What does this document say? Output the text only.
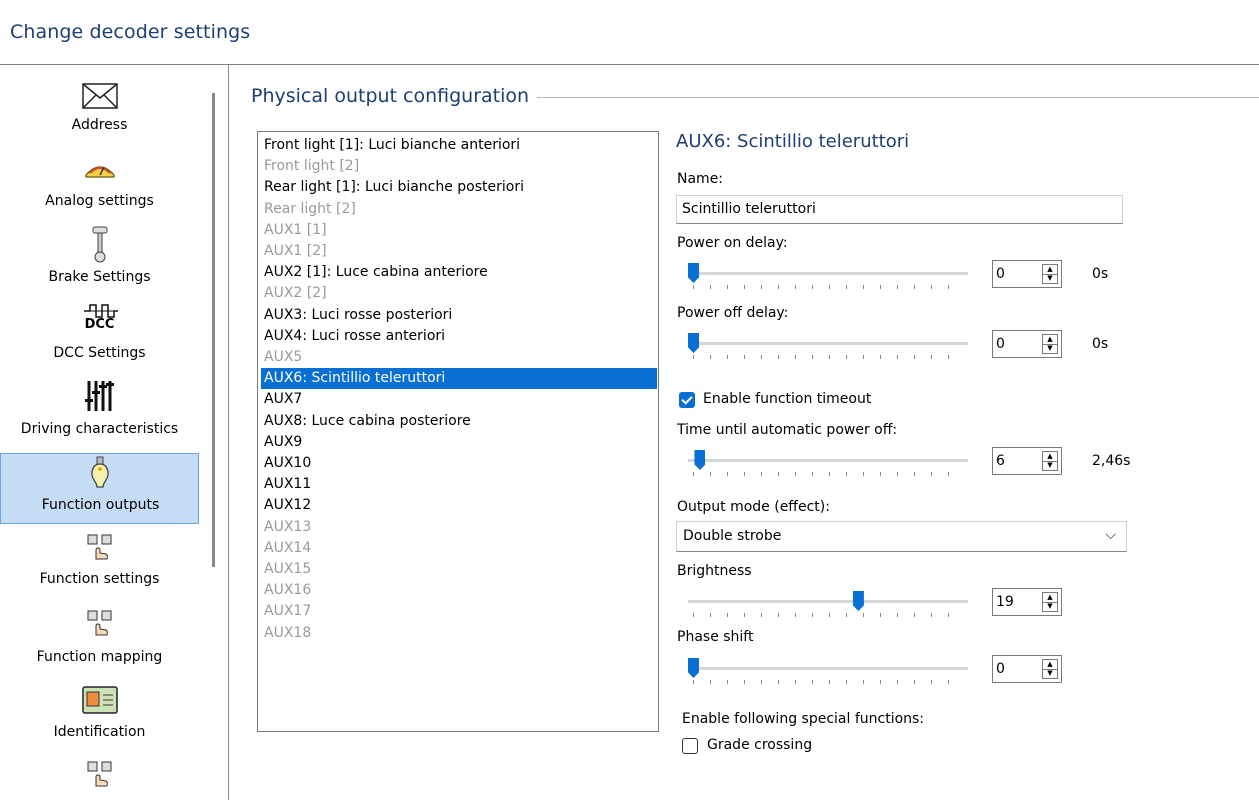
Change decoder settings
Address
Analog settings
Brake Settings
DCC
DCC Settings
Driving characteristics
Function outputs
Function settings
Function mapping
Identification
Physical output configuration
Front light [1]: Luci bianche anteriori
Front light [2]
Rear light [1]: Luci bianche posteriori
Rear light [2]
AUX1 [1]
AUX1 [2]
AUX2 [1]: Luce cabina anteriore
AUX2 [2]
AUX3: Luci rosse posteriori
AUX4: Luci rosse anteriori
AUX5
AUX6: Scintillio teleruttori
AUX7
AUX8: Luce cabina posteriore
AUX9
AUX10
AUX11
AUX12
AUX13
AUX14
AUX15
AUX16
AUX17
AUX18
AUX6: Scintillio teleruttori
Name:
Scintillio teleruttori
Power on delay:
0	▲
▼	0s
Power off delay:
0	▲
▼	0s
Enable function timeout
Time until automatic power off:
6	▲
▼	2,46s
Output mode (effect):
Double strobe	⌵
Brightness
19	▲
▼
Phase shift
0	▲
▼
Enable following special functions:
Grade crossing
